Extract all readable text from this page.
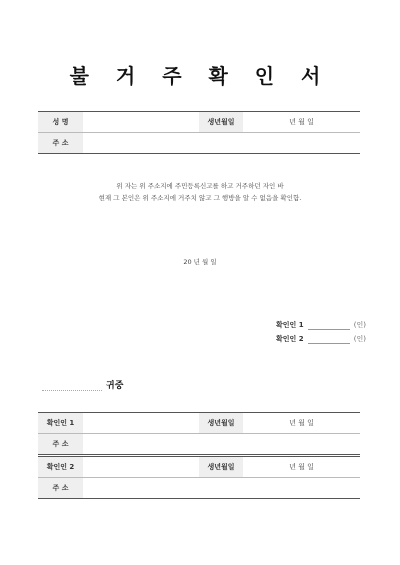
불 거 주 확 인 서
성 명		생년월일	년 월 일
주 소			
위 자는 위 주소지에 주민등록신고를 하고 거주하던 자인 바
현재 그 본인은 위 주소지에 거주치 않고 그 행방을 알 수 없음을 확인함.
20 년 월 일
확인인 1	(인)
확인인 2	(인)
귀중
확인인 1		생년월일	년 월 일
주 소			
확인인 2		생년월일	년 월 일
주 소			
